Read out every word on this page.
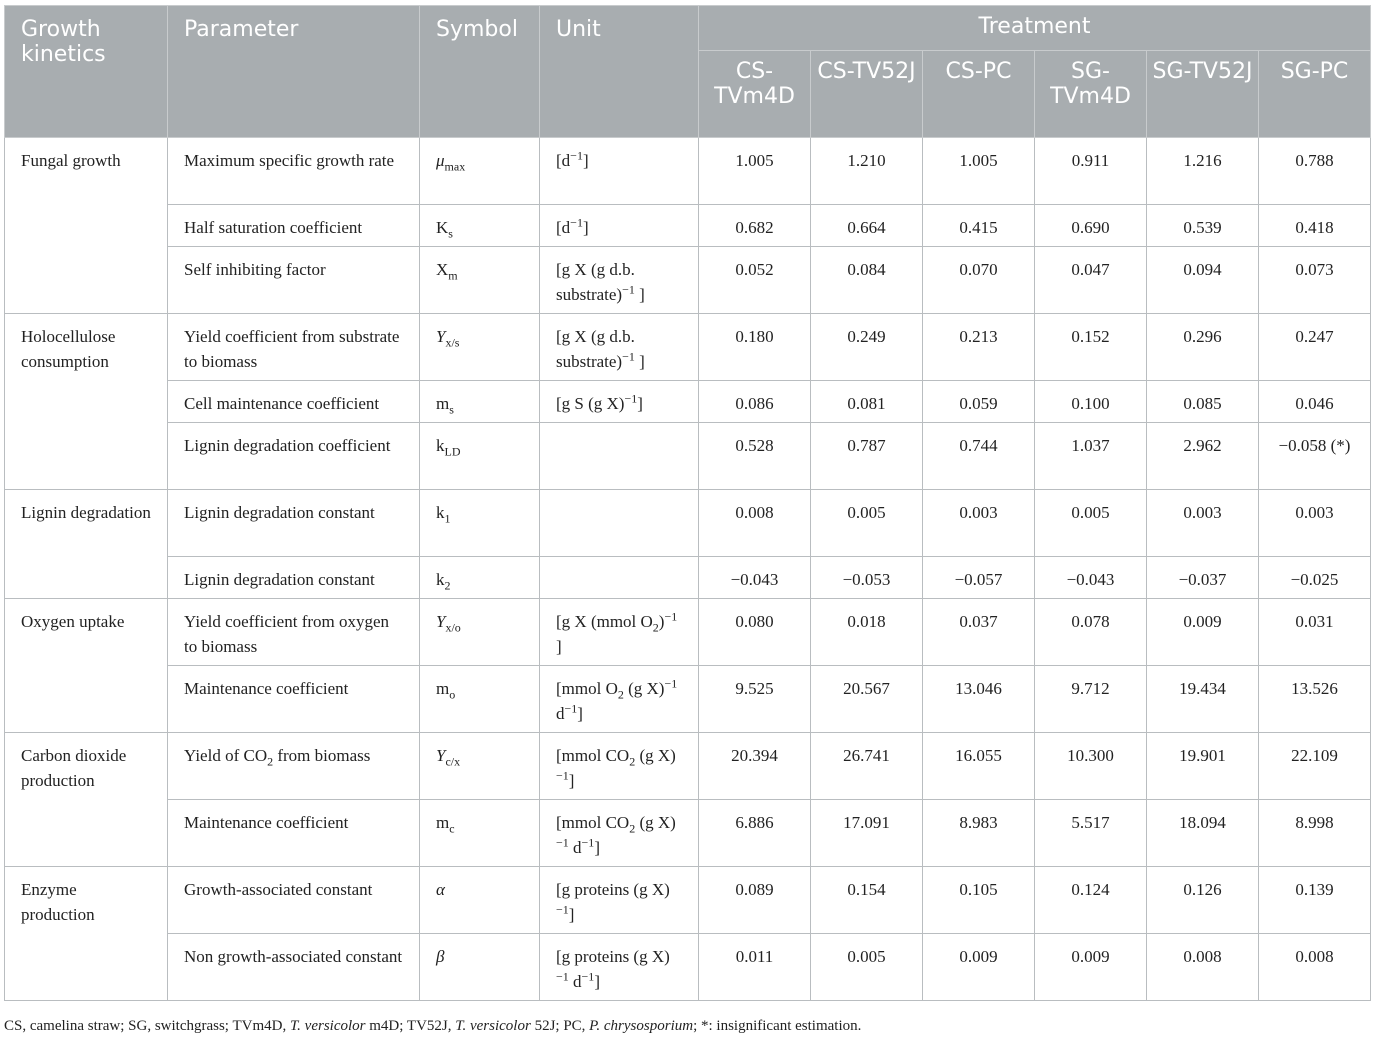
Growth kinetics	Parameter	Symbol	Unit	Treatment					
				CS-TVm4D	CS-TV52J	CS-PC	SG-TVm4D	SG-TV52J	SG-PC
Fungal growth	Maximum specific growth rate	$\mu_{max}$	$[d^{-1}]$	1.005	1.210	1.005	0.911	1.216	0.788
	Half saturation coefficient	$K_s$	$[d^{-1}]$	0.682	0.664	0.415	0.690	0.539	0.418
	Self inhibiting factor	$X_m$	[g X (g d.b. substrate)$^{-1}$ ]	0.052	0.084	0.070	0.047	0.094	0.073
Holocellulose consumption	Yield coefficient from substrate to biomass	$Y_{x/s}$	[g X (g d.b. substrate)$^{-1}$ ]	0.180	0.249	0.213	0.152	0.296	0.247
	Cell maintenance coefficient	$m_s$	[g S (g X)$^{-1}$]	0.086	0.081	0.059	0.100	0.085	0.046
	Lignin degradation coefficient	$k_{LD}$		0.528	0.787	0.744	1.037	2.962	−0.058 (*)
Lignin degradation	Lignin degradation constant	$k_1$		0.008	0.005	0.003	0.005	0.003	0.003
	Lignin degradation constant	$k_2$		−0.043	−0.053	−0.057	−0.043	−0.037	−0.025
Oxygen uptake	Yield coefficient from oxygen to biomass	$Y_{x/o}$	[g X (mmol $O_2)^{-1}$ ]	0.080	0.018	0.037	0.078	0.009	0.031
	Maintenance coefficient	$m_o$	[mmol $O_2$ (g X)$^{-1}$ $d^{-1}$]	9.525	20.567	13.046	9.712	19.434	13.526
Carbon dioxide production	Yield of $CO_2$ from biomass	$Y_{c/x}$	[mmol $CO_2$ (g X)$^{-1}$]	20.394	26.741	16.055	10.300	19.901	22.109
	Maintenance coefficient	$m_c$	[mmol $CO_2$ (g X)$^{-1}$ $d^{-1}$]	6.886	17.091	8.983	5.517	18.094	8.998
Enzyme production	Growth-associated constant	α	[g proteins (g X)$^{-1}$]	0.089	0.154	0.105	0.124	0.126	0.139
	Non growth-associated constant	β	[g proteins (g X)$^{-1}$ $d^{-1}$]	0.011	0.005	0.009	0.009	0.008	0.008
CS, camelina straw; SG, switchgrass; TVm4D, T. versicolor m4D; TV52J, T. versicolor 52J; PC, P. chrysosporium; *: insignificant estimation.
